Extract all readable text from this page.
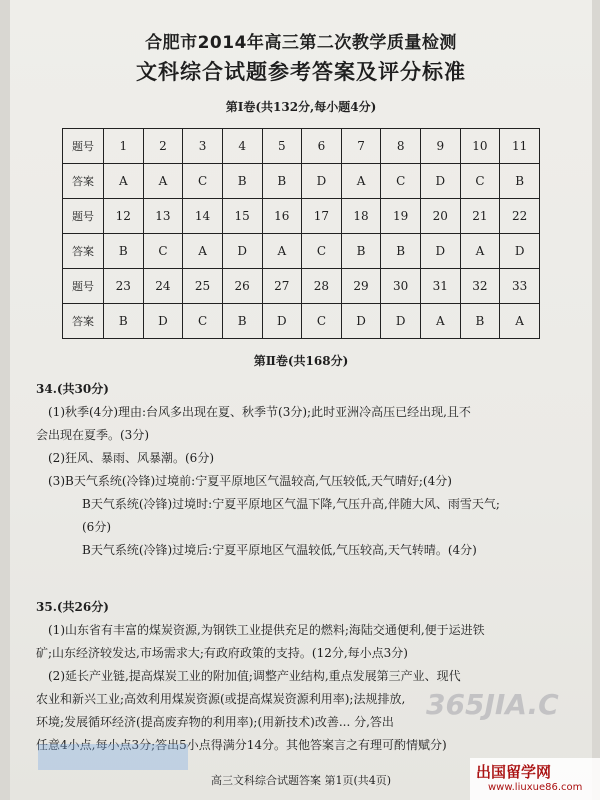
合肥市2014年高三第二次教学质量检测
文科综合试题参考答案及评分标准
第Ⅰ卷(共132分,每小题4分)
题号	1	2	3	4	5	6	7	8	9	10	11
答案	A	A	C	B	B	D	A	C	D	C	B
题号	12	13	14	15	16	17	18	19	20	21	22
答案	B	C	A	D	A	C	B	B	D	A	D
题号	23	24	25	26	27	28	29	30	31	32	33
答案	B	D	C	B	D	C	D	D	A	B	A
第Ⅱ卷(共168分)
34.(共30分)
(1)秋季(4分)理由:台风多出现在夏、秋季节(3分);此时亚洲冷高压已经出现,且不
会出现在夏季。(3分)
(2)狂风、暴雨、风暴潮。(6分)
(3)B天气系统(冷锋)过境前:宁夏平原地区气温较高,气压较低,天气晴好;(4分)
B天气系统(冷锋)过境时:宁夏平原地区气温下降,气压升高,伴随大风、雨雪天气;
(6分)
B天气系统(冷锋)过境后:宁夏平原地区气温较低,气压较高,天气转晴。(4分)
35.(共26分)
(1)山东省有丰富的煤炭资源,为钢铁工业提供充足的燃料;海陆交通便利,便于运进铁
矿;山东经济较发达,市场需求大;有政府政策的支持。(12分,每小点3分)
(2)延长产业链,提高煤炭工业的附加值;调整产业结构,重点发展第三产业、现代
农业和新兴工业;高效利用煤炭资源(或提高煤炭资源利用率);法规排放,
环境;发展循环经济(提高废弃物的利用率);(用新技术)改善... 分,答出
任意4小点,每小点3分;答出5小点得满分14分。其他答案言之有理可酌情赋分)
365JIA.C
高三文科综合试题答案 第1页(共4页)	出国留学网
www.liuxue86.com
